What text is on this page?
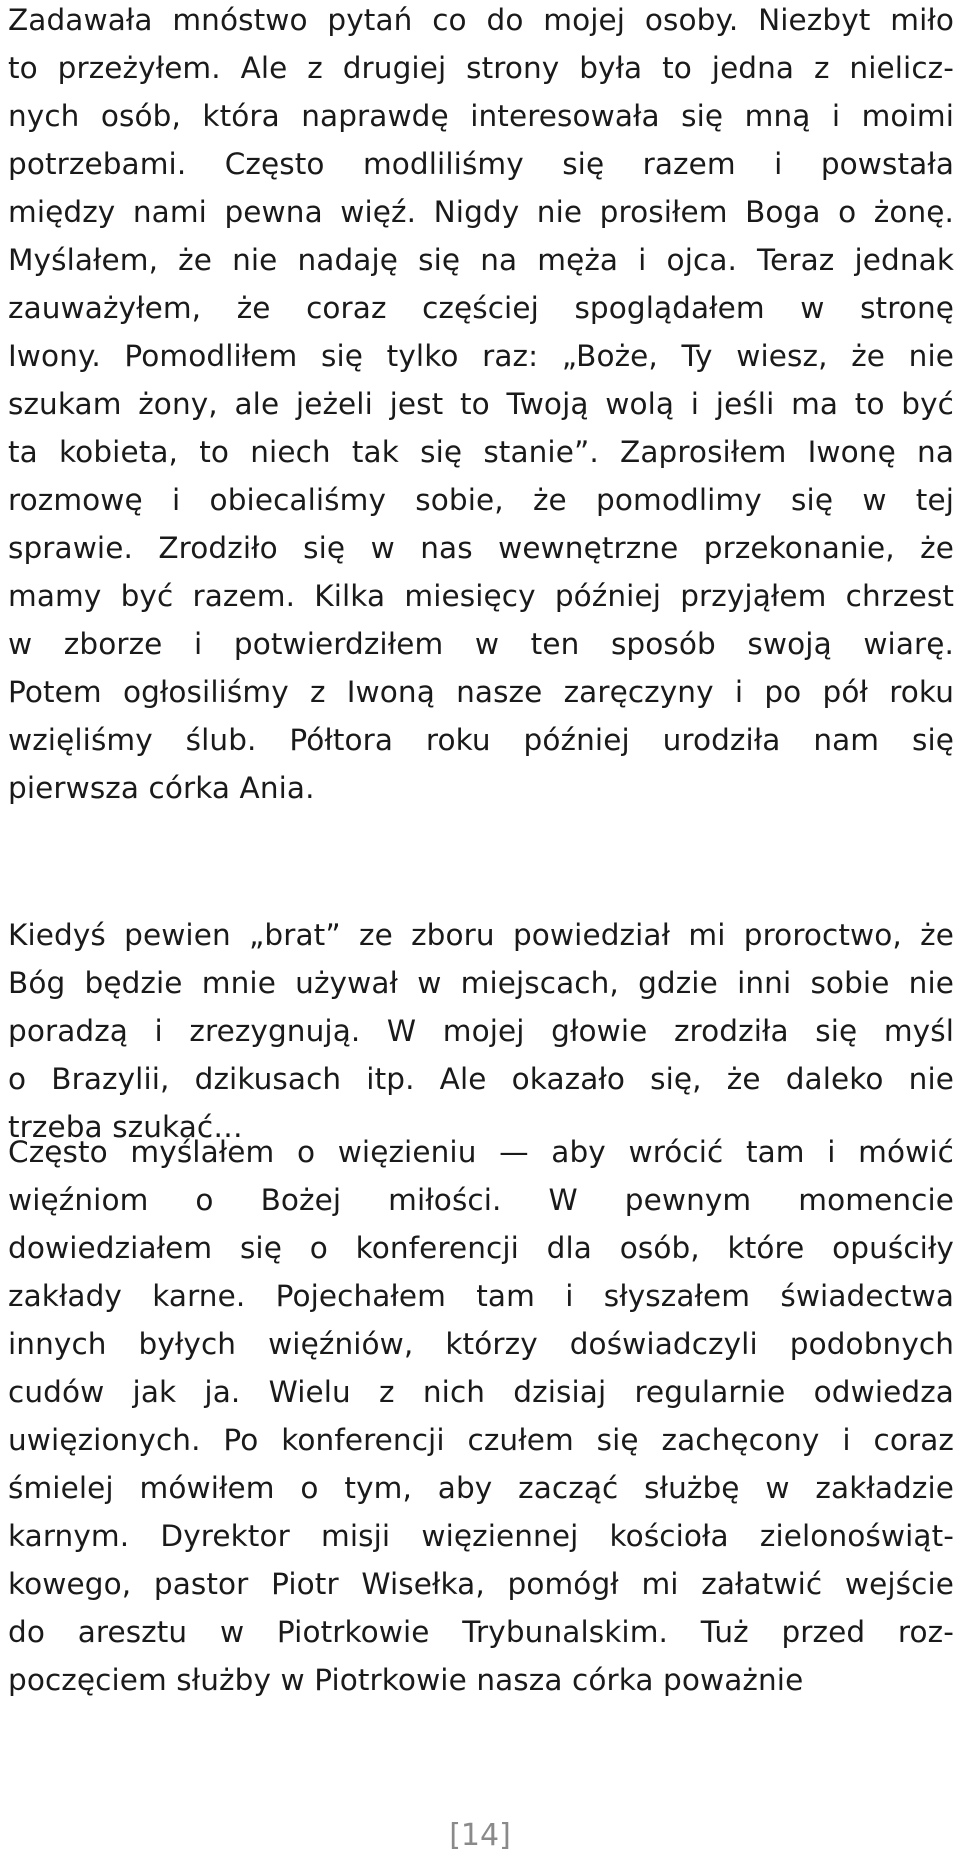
Zadawała mnóstwo pytań co do mojej osoby. Niezbyt miło
to przeżyłem. Ale z drugiej strony była to jedna z nielicz-
nych osób, która naprawdę interesowała się mną i moimi
potrzebami. Często modliliśmy się razem i powstała
między nami pewna więź. Nigdy nie prosiłem Boga o żonę.
Myślałem, że nie nadaję się na męża i ojca. Teraz jednak
zauważyłem, że coraz częściej spoglądałem w stronę
Iwony. Pomodliłem się tylko raz: „Boże, Ty wiesz, że nie
szukam żony, ale jeżeli jest to Twoją wolą i jeśli ma to być
ta kobieta, to niech tak się stanie”. Zaprosiłem Iwonę na
rozmowę i obiecaliśmy sobie, że pomodlimy się w tej
sprawie. Zrodziło się w nas wewnętrzne przekonanie, że
mamy być razem. Kilka miesięcy później przyjąłem chrzest
w zborze i potwierdziłem w ten sposób swoją wiarę.
Potem ogłosiliśmy z Iwoną nasze zaręczyny i po pół roku
wzięliśmy ślub. Półtora roku później urodziła nam się
pierwsza córka Ania.
Kiedyś pewien „brat” ze zboru powiedział mi proroctwo, że
Bóg będzie mnie używał w miejscach, gdzie inni sobie nie
poradzą i zrezygnują. W mojej głowie zrodziła się myśl
o Brazylii, dzikusach itp. Ale okazało się, że daleko nie
trzeba szukać…
Często myślałem o więzieniu — aby wrócić tam i mówić
więźniom o Bożej miłości. W pewnym momencie
dowiedziałem się o konferencji dla osób, które opuściły
zakłady karne. Pojechałem tam i słyszałem świadectwa
innych byłych więźniów, którzy doświadczyli podobnych
cudów jak ja. Wielu z nich dzisiaj regularnie odwiedza
uwięzionych. Po konferencji czułem się zachęcony i coraz
śmielej mówiłem o tym, aby zacząć służbę w zakładzie
karnym. Dyrektor misji więziennej kościoła zielonoświąt-
kowego, pastor Piotr Wisełka, pomógł mi załatwić wejście
do aresztu w Piotrkowie Trybunalskim. Tuż przed roz-
poczęciem służby w Piotrkowie nasza córka poważnie
[14]
